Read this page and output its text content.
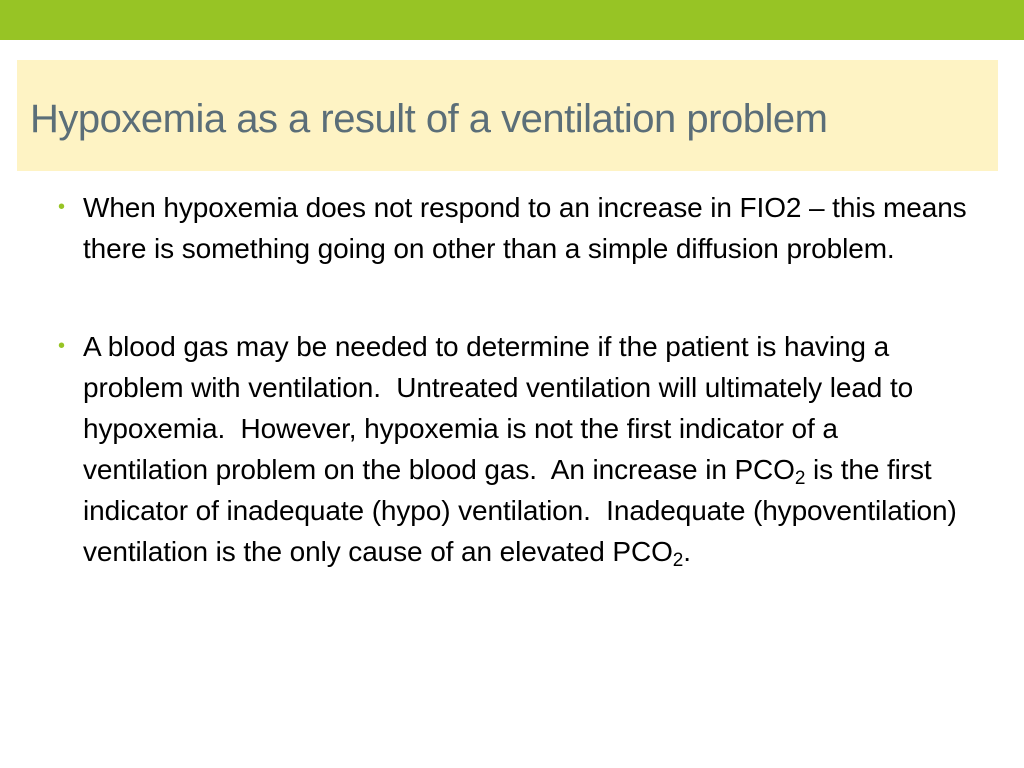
Hypoxemia as a result of a ventilation problem
• When hypoxemia does not respond to an increase in FIO2 – this means there is something going on other than a simple diffusion problem.
• A blood gas may be needed to determine if the patient is having a problem with ventilation.  Untreated ventilation will ultimately lead to hypoxemia.  However, hypoxemia is not the first indicator of a ventilation problem on the blood gas.  An increase in $PCO_2$ is the first indicator of inadequate (hypo) ventilation.  Inadequate (hypoventilation) ventilation is the only cause of an elevated $PCO_2$.
